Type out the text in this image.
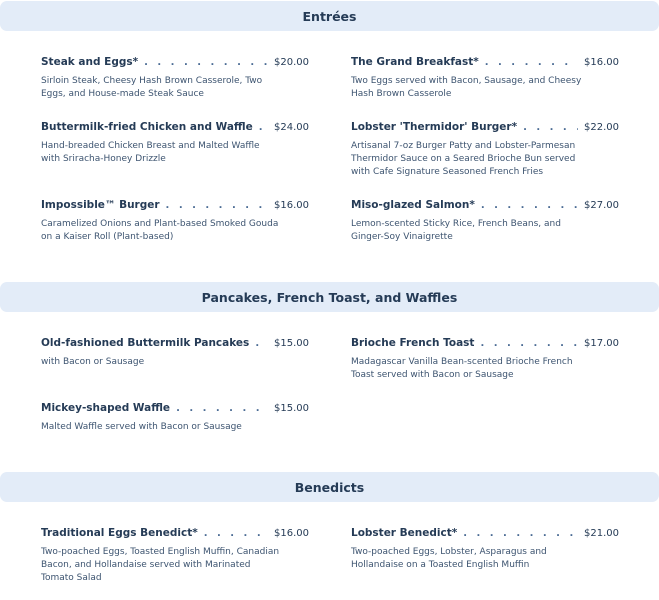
Entrées
Steak and Eggs* . . .	$20.00
Sirloin Steak, Cheesy Hash Brown Casserole, Two Eggs, and House-made Steak Sauce
The Grand Breakfast* . . .	$16.00
Two Eggs served with Bacon, Sausage, and Cheesy Hash Brown Casserole
Buttermilk-fried Chicken and Waffle . . . $24.00
Hand-breaded Chicken Breast and Malted Waffle with Sriracha-Honey Drizzle
Lobster 'Thermidor' Burger* . . .	$22.00
Artisanal 7-oz Burger Patty and Lobster-Parmesan Thermidor Sauce on a Seared Brioche Bun served with Cafe Signature Seasoned French Fries
Impossible™ Burger . . .	$16.00
Caramelized Onions and Plant-based Smoked Gouda on a Kaiser Roll (Plant-based)
Miso-glazed Salmon* . . .	$27.00
Lemon-scented Sticky Rice, French Beans, and Ginger-Soy Vinaigrette
Pancakes, French Toast, and Waffles
Old-fashioned Buttermilk Pancakes . . . $15.00
with Bacon or Sausage
Brioche French Toast . . .	$17.00
Madagascar Vanilla Bean-scented Brioche French Toast served with Bacon or Sausage
Mickey-shaped Waffle . . .	$15.00
Malted Waffle served with Bacon or Sausage
Benedicts
Traditional Eggs Benedict* . . .	$16.00
Two-poached Eggs, Toasted English Muffin, Canadian Bacon, and Hollandaise served with Marinated Tomato Salad
Lobster Benedict* . . .	$21.00
Two-poached Eggs, Lobster, Asparagus and Hollandaise on a Toasted English Muffin
